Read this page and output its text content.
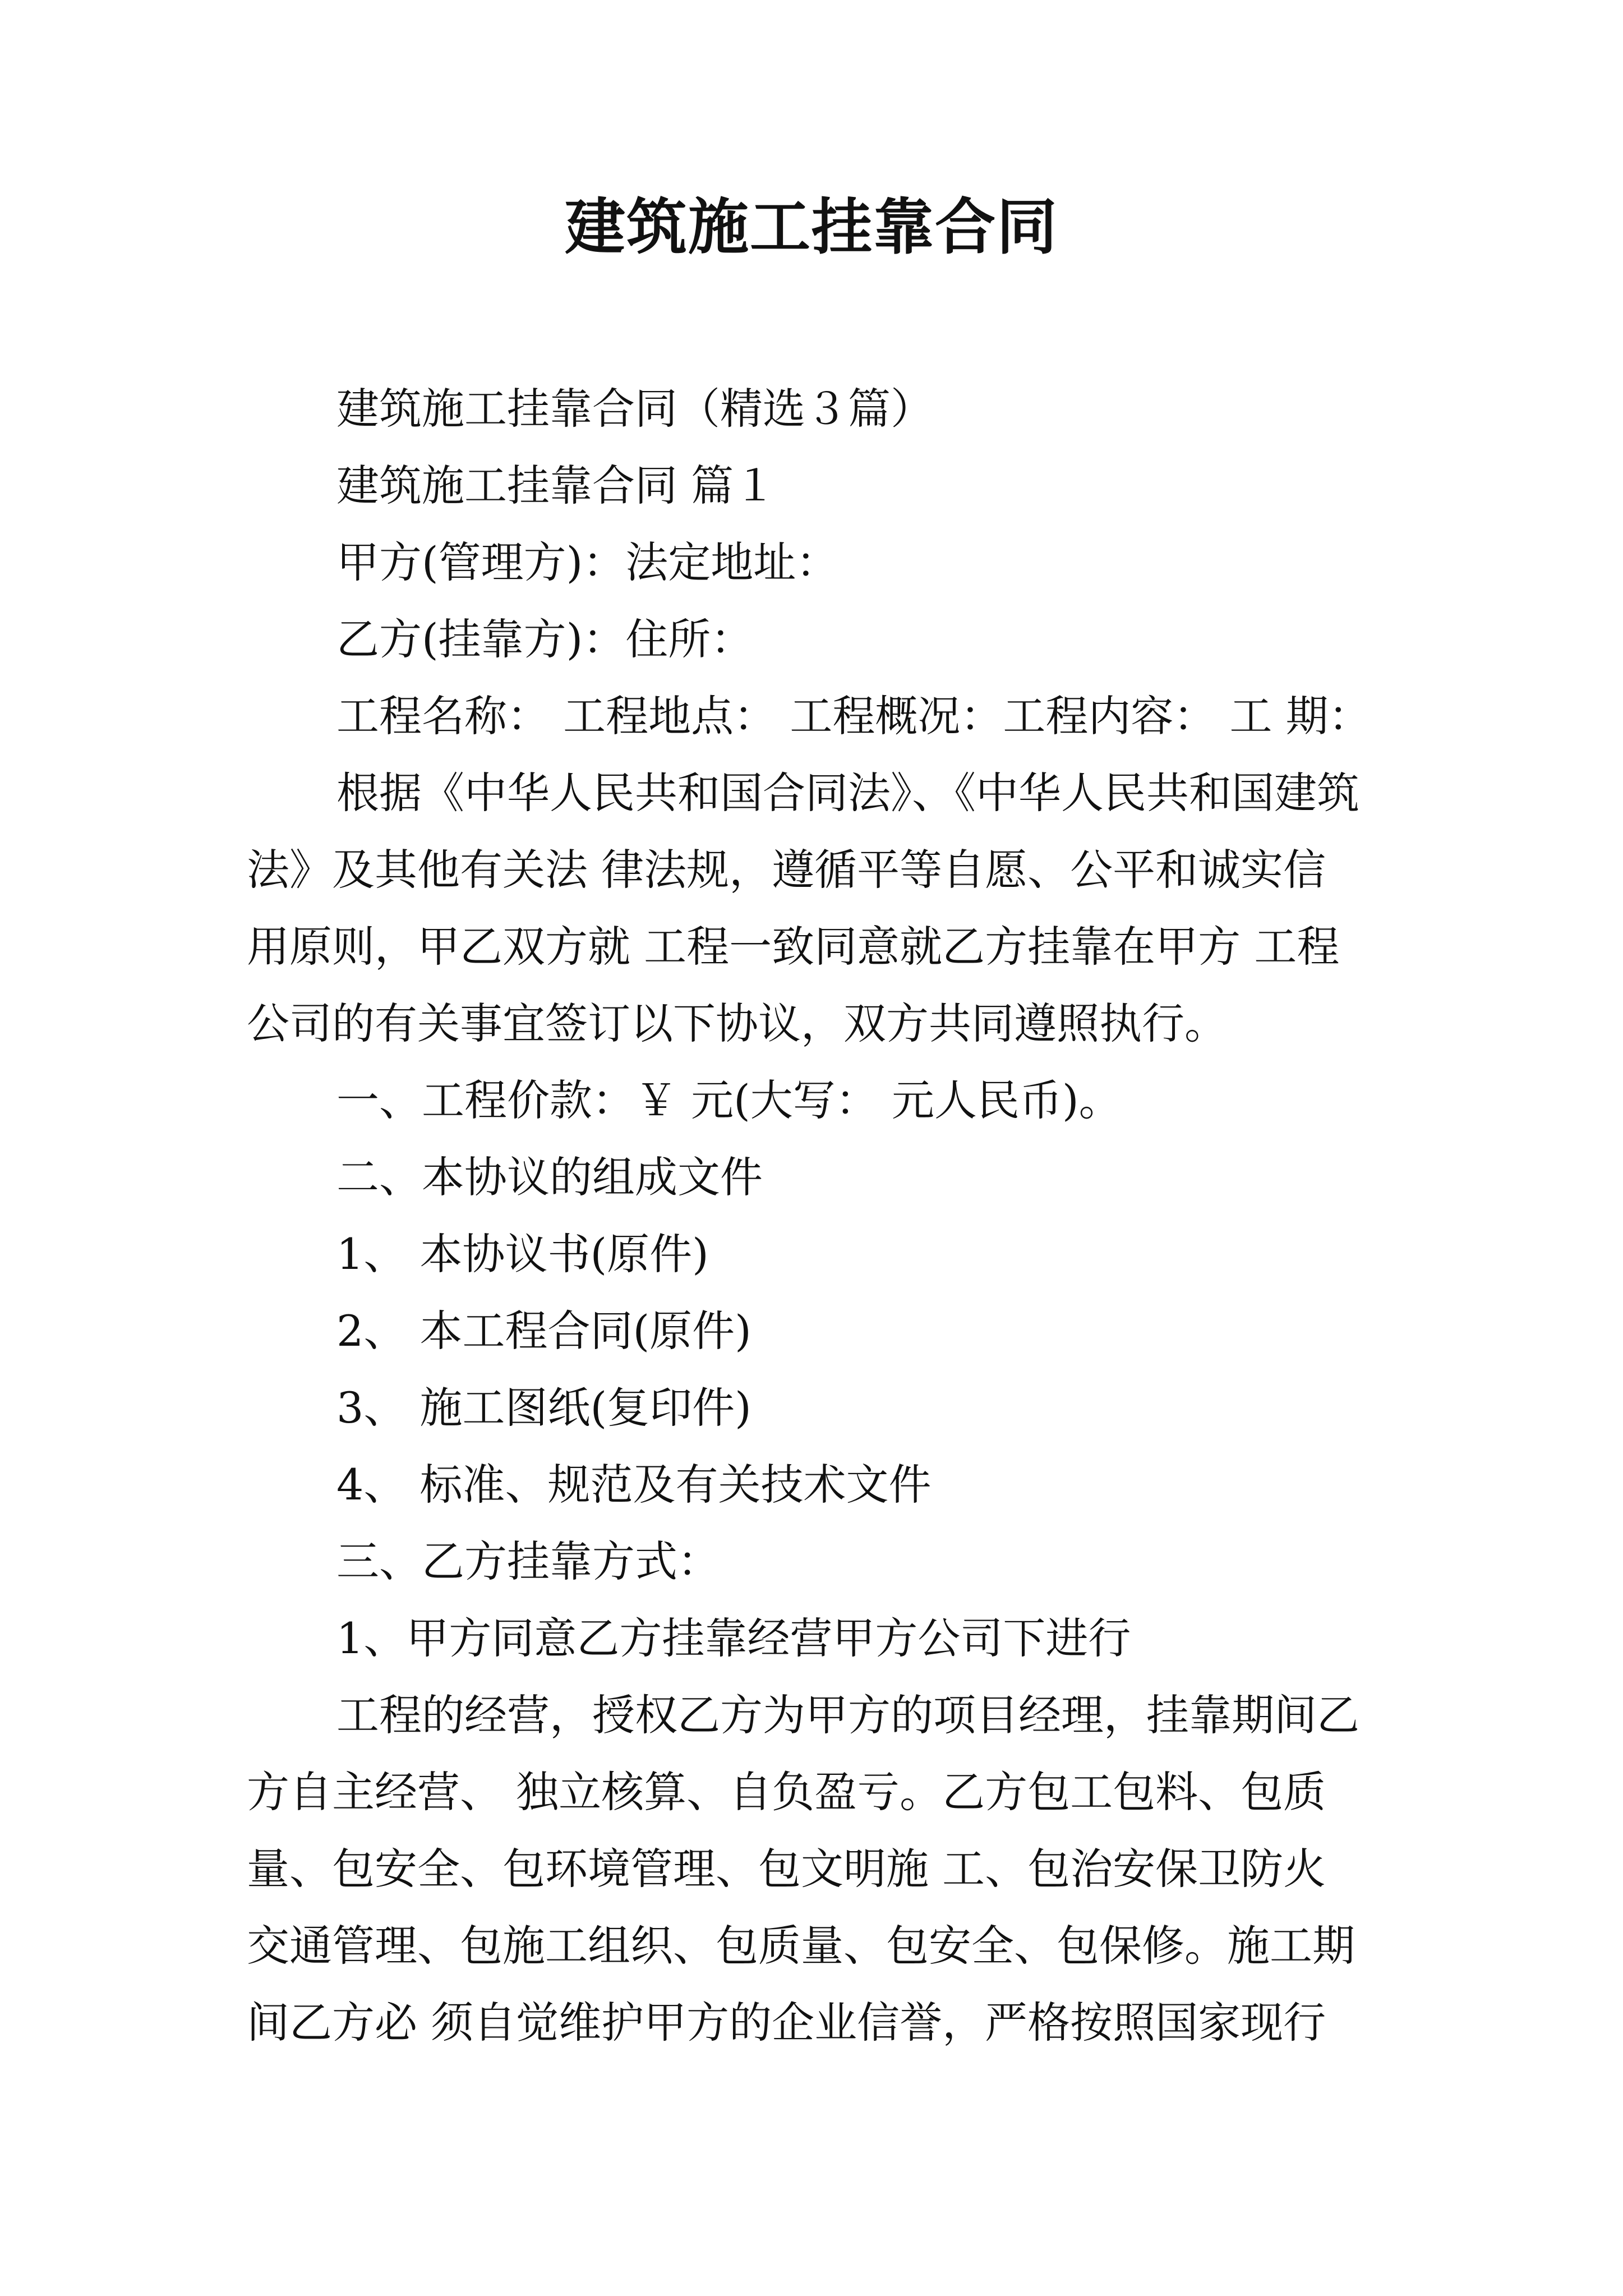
建筑施工挂靠合同

建筑施工挂靠合同（精选３篇）

建筑施工挂靠合同 篇１

甲方(管理方)：法定地址：

乙方(挂靠方)：住所：

工程名称： 工程地点： 工程概况：工程内容： 工 期：

根据《中华人民共和国合同法》、《中华人民共和国建筑

法》及其他有关法 律法规，遵循平等自愿、公平和诚实信

用原则，甲乙双方就 工程一致同意就乙方挂靠在甲方 工程

公司的有关事宜签订以下协议，双方共同遵照执行。

一、工程价款：￥ 元(大写： 元人民币)。

二、本协议的组成文件

1、 本协议书(原件)

2、 本工程合同(原件)

3、 施工图纸(复印件)

4、 标准、规范及有关技术文件

三、乙方挂靠方式：

1、甲方同意乙方挂靠经营甲方公司下进行

工程的经营，授权乙方为甲方的项目经理，挂靠期间乙

方自主经营、 独立核算、自负盈亏。乙方包工包料、包质

量、包安全、包环境管理、包文明施 工、包治安保卫防火

交通管理、包施工组织、包质量、包安全、包保修。施工期

间乙方必 须自觉维护甲方的企业信誉，严格按照国家现行
